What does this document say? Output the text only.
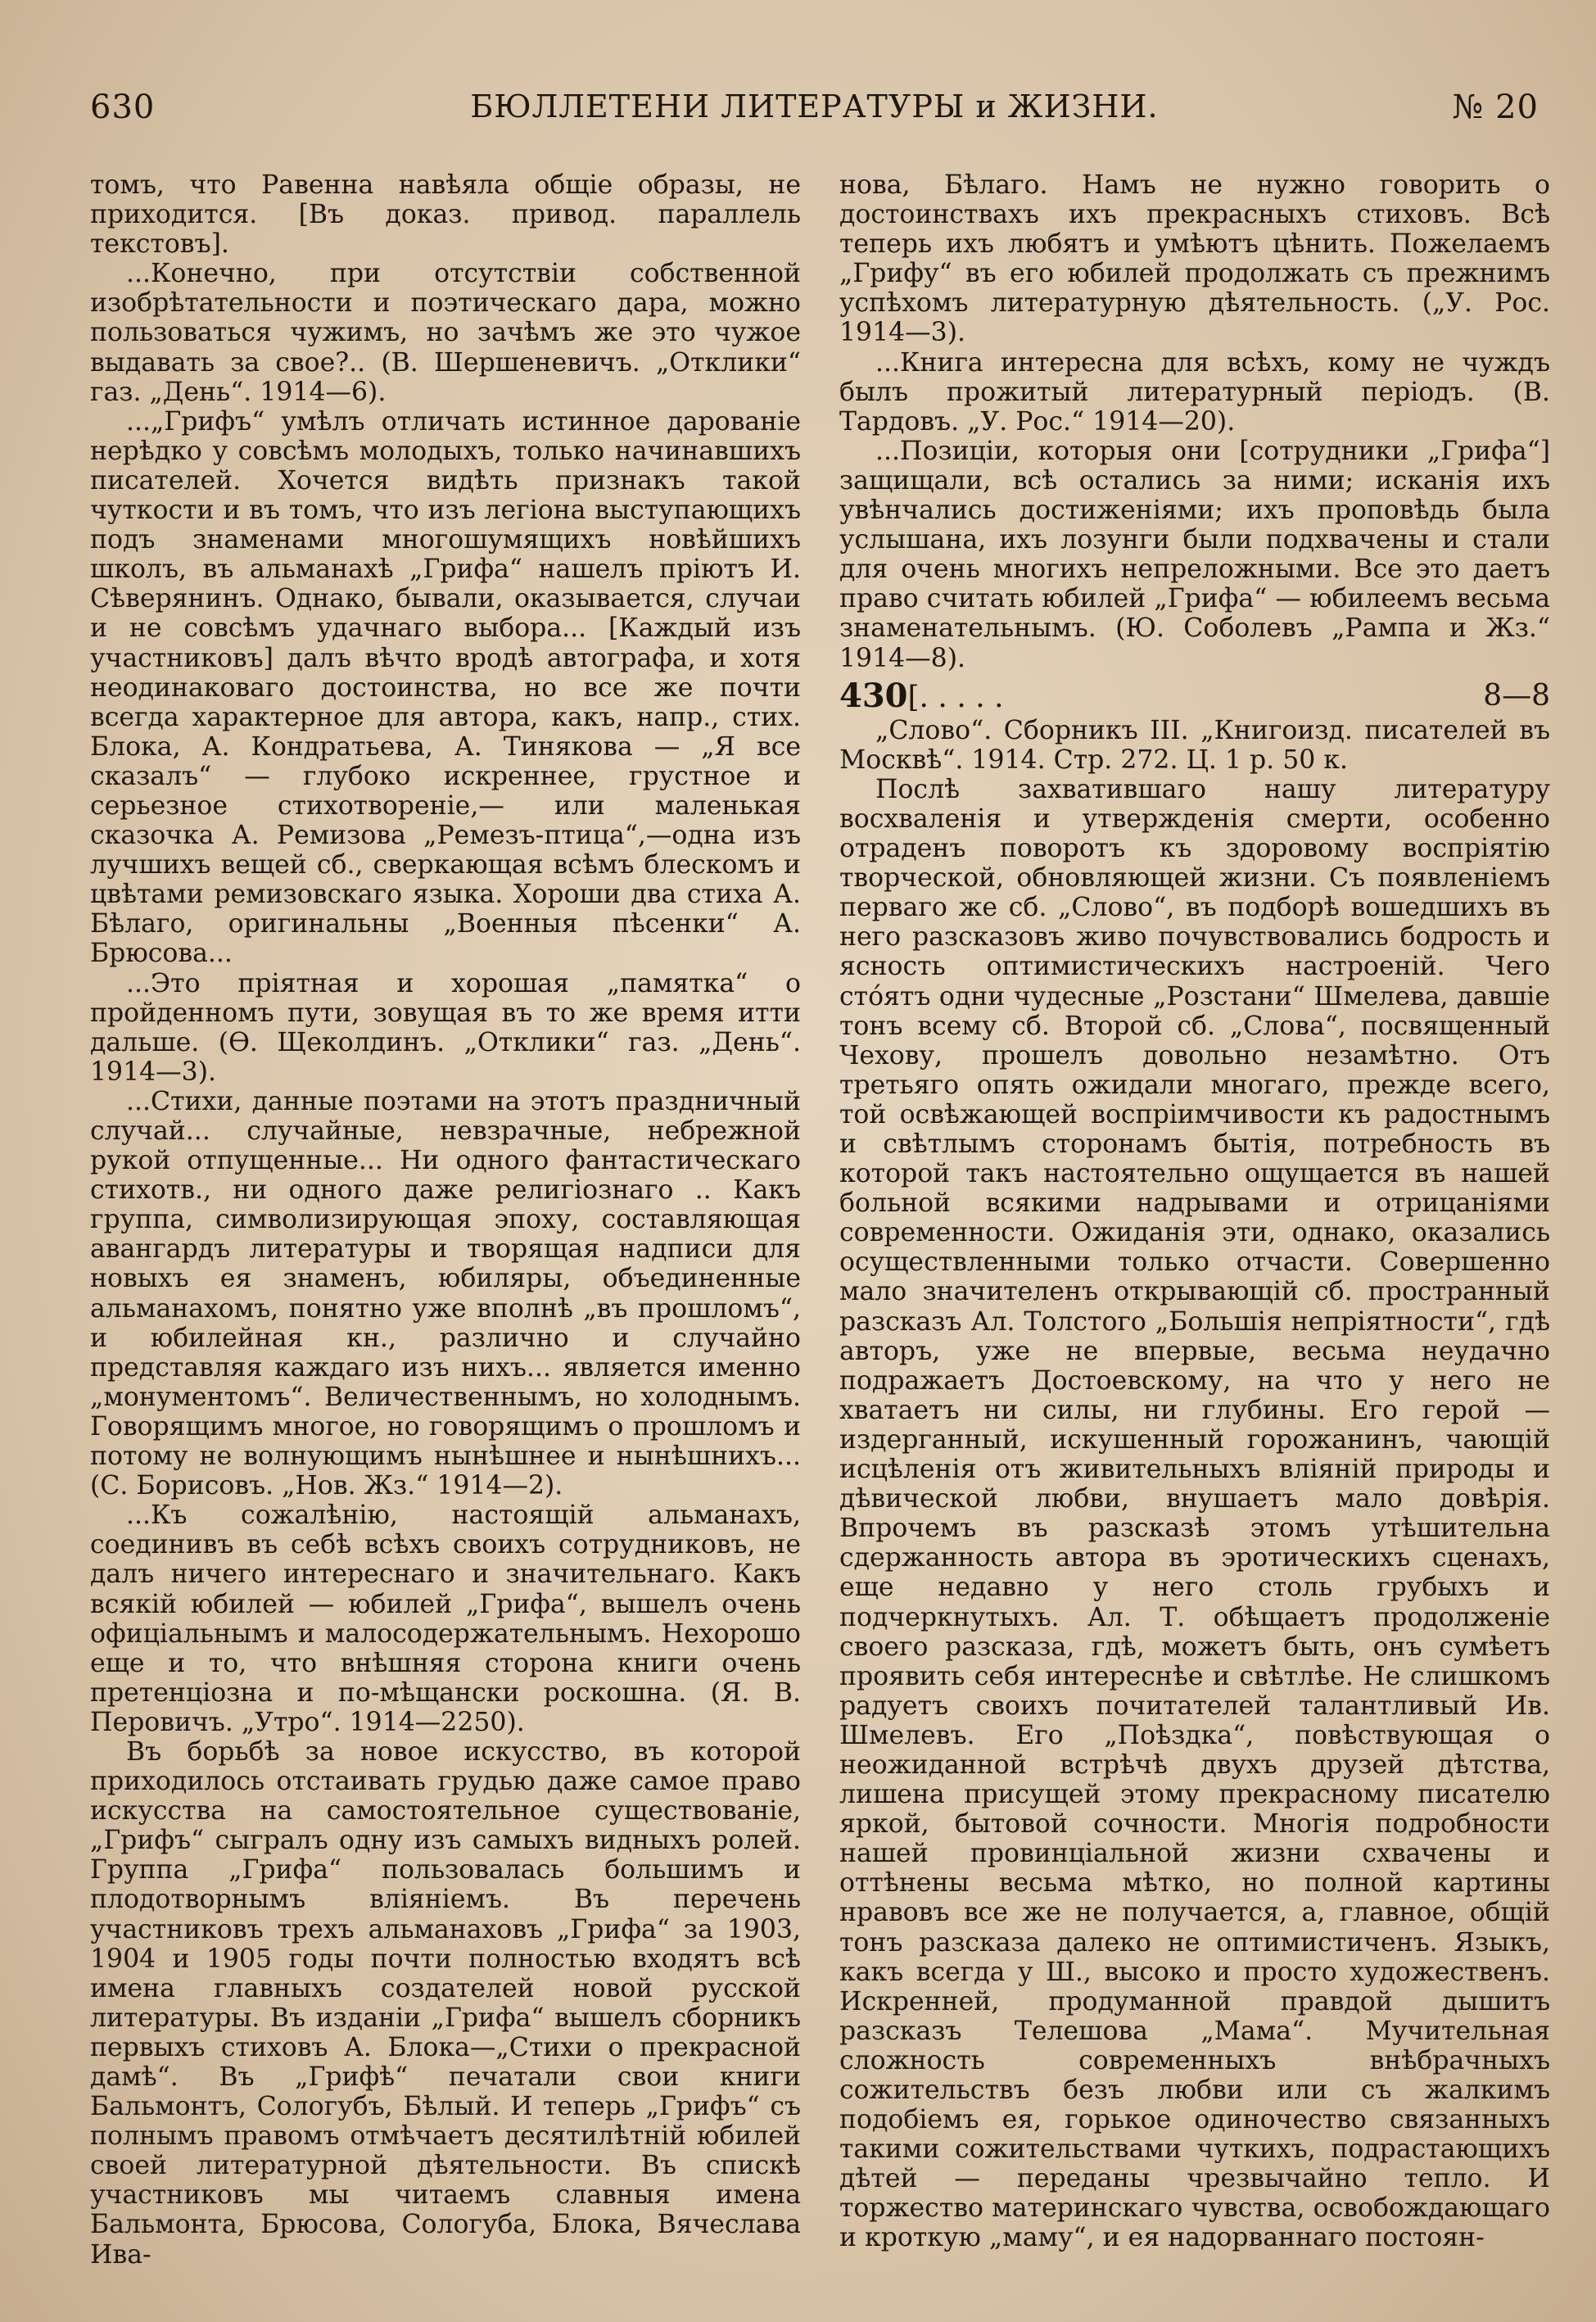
630	БЮЛЛЕТЕНИ ЛИТЕРАТУРЫ и ЖИЗНИ.	№ 20

томъ, что Равенна навѣяла общiе образы, не приходится. [Въ доказ. привод. параллель текстовъ].

...Конечно, при отсутствiи собственной изобрѣтательности и поэтическаго дара, можно пользоваться чужимъ, но зачѣмъ же это чужое выдавать за свое?.. (В. Шершеневичъ. „Отклики“ газ. „День“. 1914—6).

...„Грифъ“ умѣлъ отличать истинное дарованiе нерѣдко у совсѣмъ молодыхъ, только начинавшихъ писателей. Хочется видѣть признакъ такой чуткости и въ томъ, что изъ легiона выступающихъ подъ знаменами многошумящихъ новѣйшихъ школъ, въ альманахѣ „Грифа“ нашелъ прiютъ И. Сѣверянинъ. Однако, бывали, оказывается, случаи и не совсѣмъ удачнаго выбора... [Каждый изъ участниковъ] далъ вѣчто вродѣ автографа, и хотя неодинаковаго достоинства, но все же почти всегда характерное для автора, какъ, напр., стих. Блока, А. Кондратьева, А. Тинякова — „Я все сказалъ“ — глубоко искреннее, грустное и серьезное стихотворенiе,— или маленькая сказочка А. Ремизова „Ремезъ-птица“,—одна изъ лучшихъ вещей сб., сверкающая всѣмъ блескомъ и цвѣтами ремизовскаго языка. Хороши два стиха А. Бѣлаго, оригинальны „Военныя пѣсенки“ А. Брюсова...

...Это прiятная и хорошая „памятка“ о пройденномъ пути, зовущая въ то же время итти дальше. (Ѳ. Щеколдинъ. „Отклики“ газ. „День“. 1914—3).

...Стихи, данные поэтами на этотъ праздничный случай... случайные, невзрачные, небрежной рукой отпущенные... Ни одного фантастическаго стихотв., ни одного даже религiознаго .. Какъ группа, символизирующая эпоху, составляющая авангардъ литературы и творящая надписи для новыхъ ея знаменъ, юбиляры, объединенные альманахомъ, понятно уже вполнѣ „въ прошломъ“, и юбилейная кн., различно и случайно представляя каждаго изъ нихъ... является именно „монументомъ“. Величественнымъ, но холоднымъ. Говорящимъ многое, но говорящимъ о прошломъ и потому не волнующимъ нынѣшнее и нынѣшнихъ... (С. Борисовъ. „Нов. Жз.“ 1914—2).

...Къ сожалѣнiю, настоящiй альманахъ, соединивъ въ себѣ всѣхъ своихъ сотрудниковъ, не далъ ничего интереснаго и значительнаго. Какъ всякiй юбилей — юбилей „Грифа“, вышелъ очень офицiальнымъ и малосодержательнымъ. Нехорошо еще и то, что внѣшняя сторона книги очень претенцiозна и по-мѣщански роскошна. (Я. В. Перовичъ. „Утро“. 1914—2250).

Въ борьбѣ за новое искусство, въ которой приходилось отстаивать грудью даже самое право искусства на самостоятельное существованiе, „Грифъ“ сыгралъ одну изъ самыхъ видныхъ ролей. Группа „Грифа“ пользовалась большимъ и плодотворнымъ влiянiемъ. Въ перечень участниковъ трехъ альманаховъ „Грифа“ за 1903, 1904 и 1905 годы почти полностью входятъ всѣ имена главныхъ создателей новой русской литературы. Въ изданiи „Грифа“ вышелъ сборникъ первыхъ стиховъ А. Блока—„Стихи о прекрасной дамѣ“. Въ „Грифѣ“ печатали свои книги Бальмонтъ, Сологубъ, Бѣлый. И теперь „Грифъ“ съ полнымъ правомъ отмѣчаетъ десятилѣтнiй юбилей своей литературной дѣятельности. Въ спискѣ участниковъ мы читаемъ славныя имена Бальмонта, Брюсова, Сологуба, Блока, Вячеслава Ива-

нова, Бѣлаго. Намъ не нужно говорить о достоинствахъ ихъ прекрасныхъ стиховъ. Всѣ теперь ихъ любятъ и умѣютъ цѣнить. Пожелаемъ „Грифу“ въ его юбилей продолжать съ прежнимъ успѣхомъ литературную дѣятельность. („У. Рос. 1914—3).

...Книга интересна для всѣхъ, кому не чуждъ былъ прожитый литературный перiодъ. (В. Тардовъ. „У. Рос.“ 1914—20).

...Позицiи, которыя они [сотрудники „Грифа“] защищали, всѣ остались за ними; исканiя ихъ увѣнчались достиженiями; ихъ проповѣдь была услышана, ихъ лозунги были подхвачены и стали для очень многихъ непреложными. Все это даетъ право считать юбилей „Грифа“ — юбилеемъ весьма знаменательнымъ. (Ю. Соболевъ „Рампа и Жз.“ 1914—8).

430[. . . . .	8—8

„Слово“. Сборникъ III. „Книгоизд. писателей въ Москвѣ“. 1914. Стр. 272. Ц. 1 р. 50 к.

Послѣ захватившаго нашу литературу восхваленiя и утвержденiя смерти, особенно отраденъ поворотъ къ здоровому воспрiятiю творческой, обновляющей жизни. Съ появленiемъ перваго же сб. „Слово“, въ подборѣ вошедшихъ въ него разсказовъ живо почувствовались бодрость и ясность оптимистическихъ настроенiй. Чего стóятъ одни чудесные „Розстани“ Шмелева, давшiе тонъ всему сб. Второй сб. „Слова“, посвященный Чехову, прошелъ довольно незамѣтно. Отъ третьяго опять ожидали многаго, прежде всего, той освѣжающей воспрiимчивости къ радостнымъ и свѣтлымъ сторонамъ бытiя, потребность въ которой такъ настоятельно ощущается въ нашей больной всякими надрывами и отрицанiями современности. Ожиданiя эти, однако, оказались осуществленными только отчасти. Совершенно мало значителенъ открывающiй сб. пространный разсказъ Ал. Толстого „Большiя непрiятности“, гдѣ авторъ, уже не впервые, весьма неудачно подражаетъ Достоевскому, на что у него не хватаетъ ни силы, ни глубины. Его герой — издерганный, искушенный горожанинъ, чающiй исцѣленiя отъ живительныхъ влiянiй природы и дѣвической любви, внушаетъ мало довѣрiя. Впрочемъ въ разсказѣ этомъ утѣшительна сдержанность автора въ эротическихъ сценахъ, еще недавно у него столь грубыхъ и подчеркнутыхъ. Ал. Т. обѣщаетъ продолженiе своего разсказа, гдѣ, можетъ быть, онъ сумѣетъ проявить себя интереснѣе и свѣтлѣе. Не слишкомъ радуетъ своихъ почитателей талантливый Ив. Шмелевъ. Его „Поѣздка“, повѣствующая о неожиданной встрѣчѣ двухъ друзей дѣтства, лишена присущей этому прекрасному писателю яркой, бытовой сочности. Многiя подробности нашей провинцiальной жизни схвачены и оттѣнены весьма мѣтко, но полной картины нравовъ все же не получается, а, главное, общiй тонъ разсказа далеко не оптимистиченъ. Языкъ, какъ всегда у Ш., высоко и просто художественъ. Искренней, продуманной правдой дышитъ разсказъ Телешова „Мама“. Мучительная сложность современныхъ внѣбрачныхъ сожительствъ безъ любви или съ жалкимъ подобiемъ ея, горькое одиночество связанныхъ такими сожительствами чуткихъ, подрастающихъ дѣтей — переданы чрезвычайно тепло. И торжество материнскаго чувства, освобождающаго и кроткую „маму“, и ея надорваннаго постоян-
